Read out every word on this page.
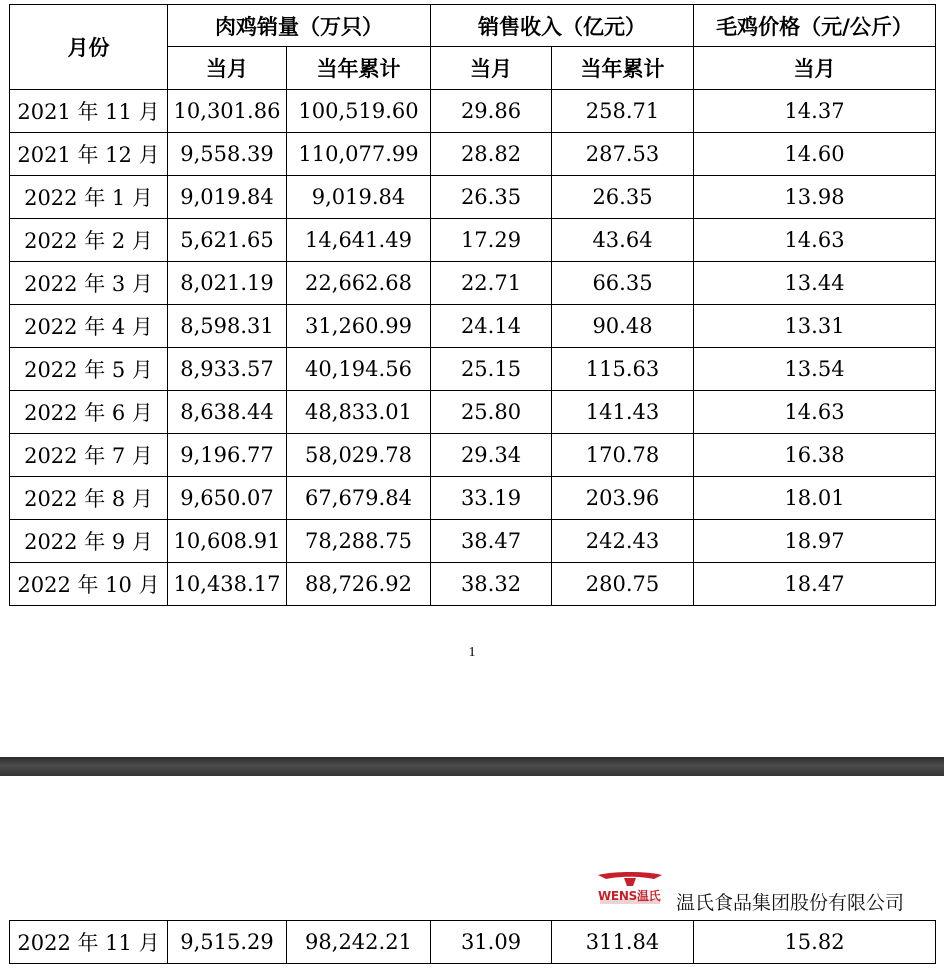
月份	肉鸡销量（万只）		销售收入（亿元）		毛鸡价格（元/公斤）
	当月	当年累计	当月	当年累计	当月
2021 年 11 月	10,301.86	100,519.60	29.86	258.71	14.37
2021 年 12 月	9,558.39	110,077.99	28.82	287.53	14.60
2022 年 1 月	9,019.84	9,019.84	26.35	26.35	13.98
2022 年 2 月	5,621.65	14,641.49	17.29	43.64	14.63
2022 年 3 月	8,021.19	22,662.68	22.71	66.35	13.44
2022 年 4 月	8,598.31	31,260.99	24.14	90.48	13.31
2022 年 5 月	8,933.57	40,194.56	25.15	115.63	13.54
2022 年 6 月	8,638.44	48,833.01	25.80	141.43	14.63
2022 年 7 月	9,196.77	58,029.78	29.34	170.78	16.38
2022 年 8 月	9,650.07	67,679.84	33.19	203.96	18.01
2022 年 9 月	10,608.91	78,288.75	38.47	242.43	18.97
2022 年 10 月	10,438.17	88,726.92	38.32	280.75	18.47
1
WENS温氏 温氏食品集团股份有限公司
2022 年 11 月	9,515.29	98,242.21	31.09	311.84	15.82
